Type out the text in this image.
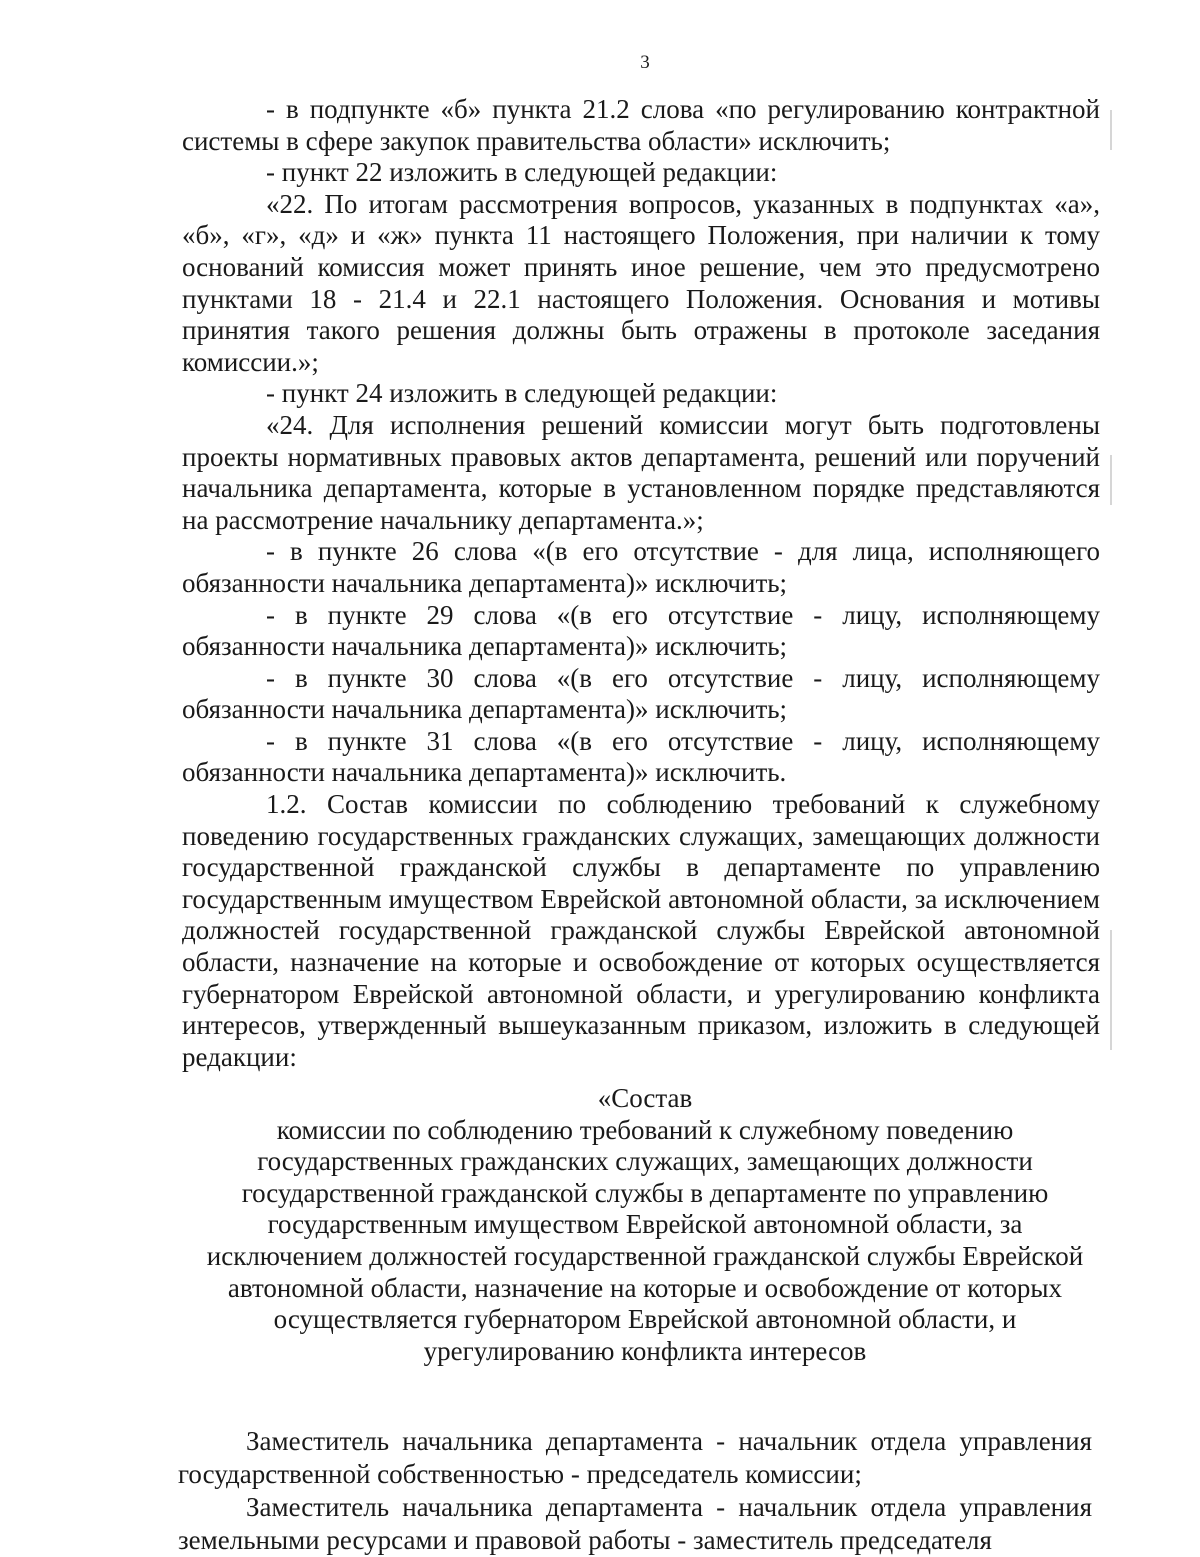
3

- в подпункте «б» пункта 21.2 слова «по регулированию контрактной системы в сфере закупок правительства области» исключить;

- пункт 22 изложить в следующей редакции:

«22. По итогам рассмотрения вопросов, указанных в подпунктах «а», «б», «г», «д» и «ж» пункта 11 настоящего Положения, при наличии к тому оснований комиссия может принять иное решение, чем это предусмотрено пунктами 18 - 21.4 и 22.1 настоящего Положения. Основания и мотивы принятия такого решения должны быть отражены в протоколе заседания комиссии.»;

- пункт 24 изложить в следующей редакции:

«24. Для исполнения решений комиссии могут быть подготовлены проекты нормативных правовых актов департамента, решений или поручений начальника департамента, которые в установленном порядке представляются на рассмотрение начальнику департамента.»;

- в пункте 26 слова «(в его отсутствие - для лица, исполняющего обязанности начальника департамента)» исключить;

- в пункте 29 слова «(в его отсутствие - лицу, исполняющему обязанности начальника департамента)» исключить;

- в пункте 30 слова «(в его отсутствие - лицу, исполняющему обязанности начальника департамента)» исключить;

- в пункте 31 слова «(в его отсутствие - лицу, исполняющему обязанности начальника департамента)» исключить.

1.2. Состав комиссии по соблюдению требований к служебному поведению государственных гражданских служащих, замещающих должности государственной гражданской службы в департаменте по управлению государственным имуществом Еврейской автономной области, за исключением должностей государственной гражданской службы Еврейской автономной области, назначение на которые и освобождение от которых осуществляется губернатором Еврейской автономной области, и урегулированию конфликта интересов, утвержденный вышеуказанным приказом, изложить в следующей редакции:

«Состав

комиссии по соблюдению требований к служебному поведению

государственных гражданских служащих, замещающих должности

государственной гражданской службы в департаменте по управлению

государственным имуществом Еврейской автономной области, за

исключением должностей государственной гражданской службы Еврейской

автономной области, назначение на которые и освобождение от которых

осуществляется губернатором Еврейской автономной области, и

урегулированию конфликта интересов

Заместитель начальника департамента - начальник отдела управления государственной собственностью - председатель комиссии;

Заместитель начальника департамента - начальник отдела управления земельными ресурсами и правовой работы - заместитель председателя
